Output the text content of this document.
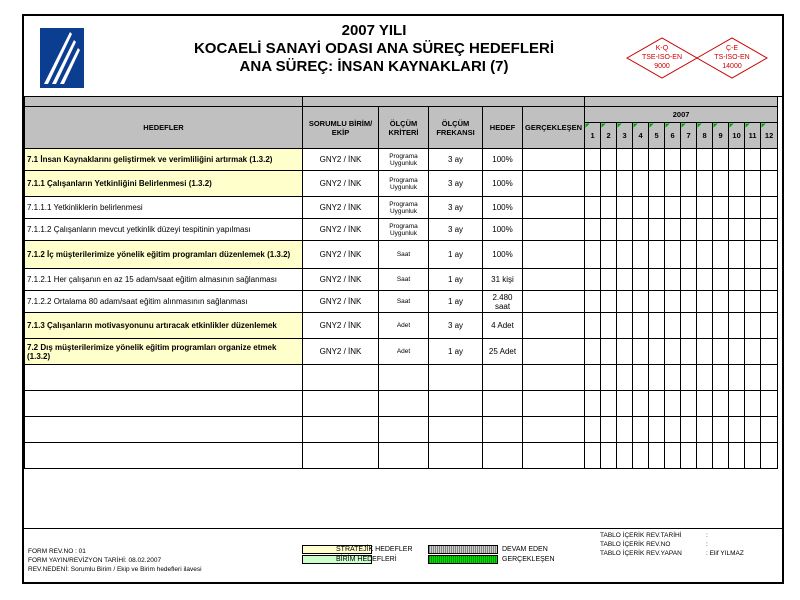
2007 YILI
KOCAELİ SANAYİ ODASI ANA SÜREÇ HEDEFLERİ
ANA SÜREÇ: İNSAN KAYNAKLARI (7)
K-Q
TSE-ISO-EN
9000
Ç-E
TS-ISO-EN
14000

HEDEFLER	SORUMLU BİRİM/ EKİP	ÖLÇÜM KRİTERİ	ÖLÇÜM FREKANSI	HEDEF	GERÇEKLEŞEN	2007											
						1	2	3	4	5	6	7	8	9	10	11	12
7.1 İnsan Kaynaklarını geliştirmek ve verimliliğini artırmak (1.3.2)	GNY2 / İNK	Programa Uygunluk	3 ay	100%													
7.1.1 Çalışanların Yetkinliğini Belirlenmesi (1.3.2)	GNY2 / İNK	Programa Uygunluk	3 ay	100%													
7.1.1.1 Yetkinliklerin belirlenmesi	GNY2 / İNK	Programa Uygunluk	3 ay	100%													
7.1.1.2 Çalışanların mevcut yetkinlik düzeyi tespitinin yapılması	GNY2 / İNK	Programa Uygunluk	3 ay	100%													
7.1.2 İç müşterilerimize yönelik eğitim programları düzenlemek (1.3.2)	GNY2 / İNK	Saat	1 ay	100%													
7.1.2.1 Her çalışanın en az 15 adam/saat eğitim almasının sağlanması	GNY2 / İNK	Saat	1 ay	31 kişi													
7.1.2.2 Ortalama 80 adam/saat eğitim alınmasının sağlanması	GNY2 / İNK	Saat	1 ay	2.480 saat													
7.1.3 Çalışanların motivasyonunu artıracak etkinlikler düzenlemek	GNY2 / İNK	Adet	3 ay	4 Adet													
7.2 Dış müşterilerimize yönelik eğitim programları organize etmek (1.3.2)	GNY2 / İNK	Adet	1 ay	25 Adet													

FORM REV.NO : 01
FORM YAYIN/REVİZYON TARİHİ: 08.02.2007
REV.NEDENİ: Sorumlu Birim / Ekip ve Birim hedefleri ilavesi
STRATEJİK HEDEFLER
BİRİM HEDEFLERİ
DEVAM EDEN
GERÇEKLEŞEN
TABLO İÇERİK REV.TARİHİ	:
TABLO İÇERİK REV.NO	:
TABLO İÇERİK REV.YAPAN	: Elif YILMAZ
